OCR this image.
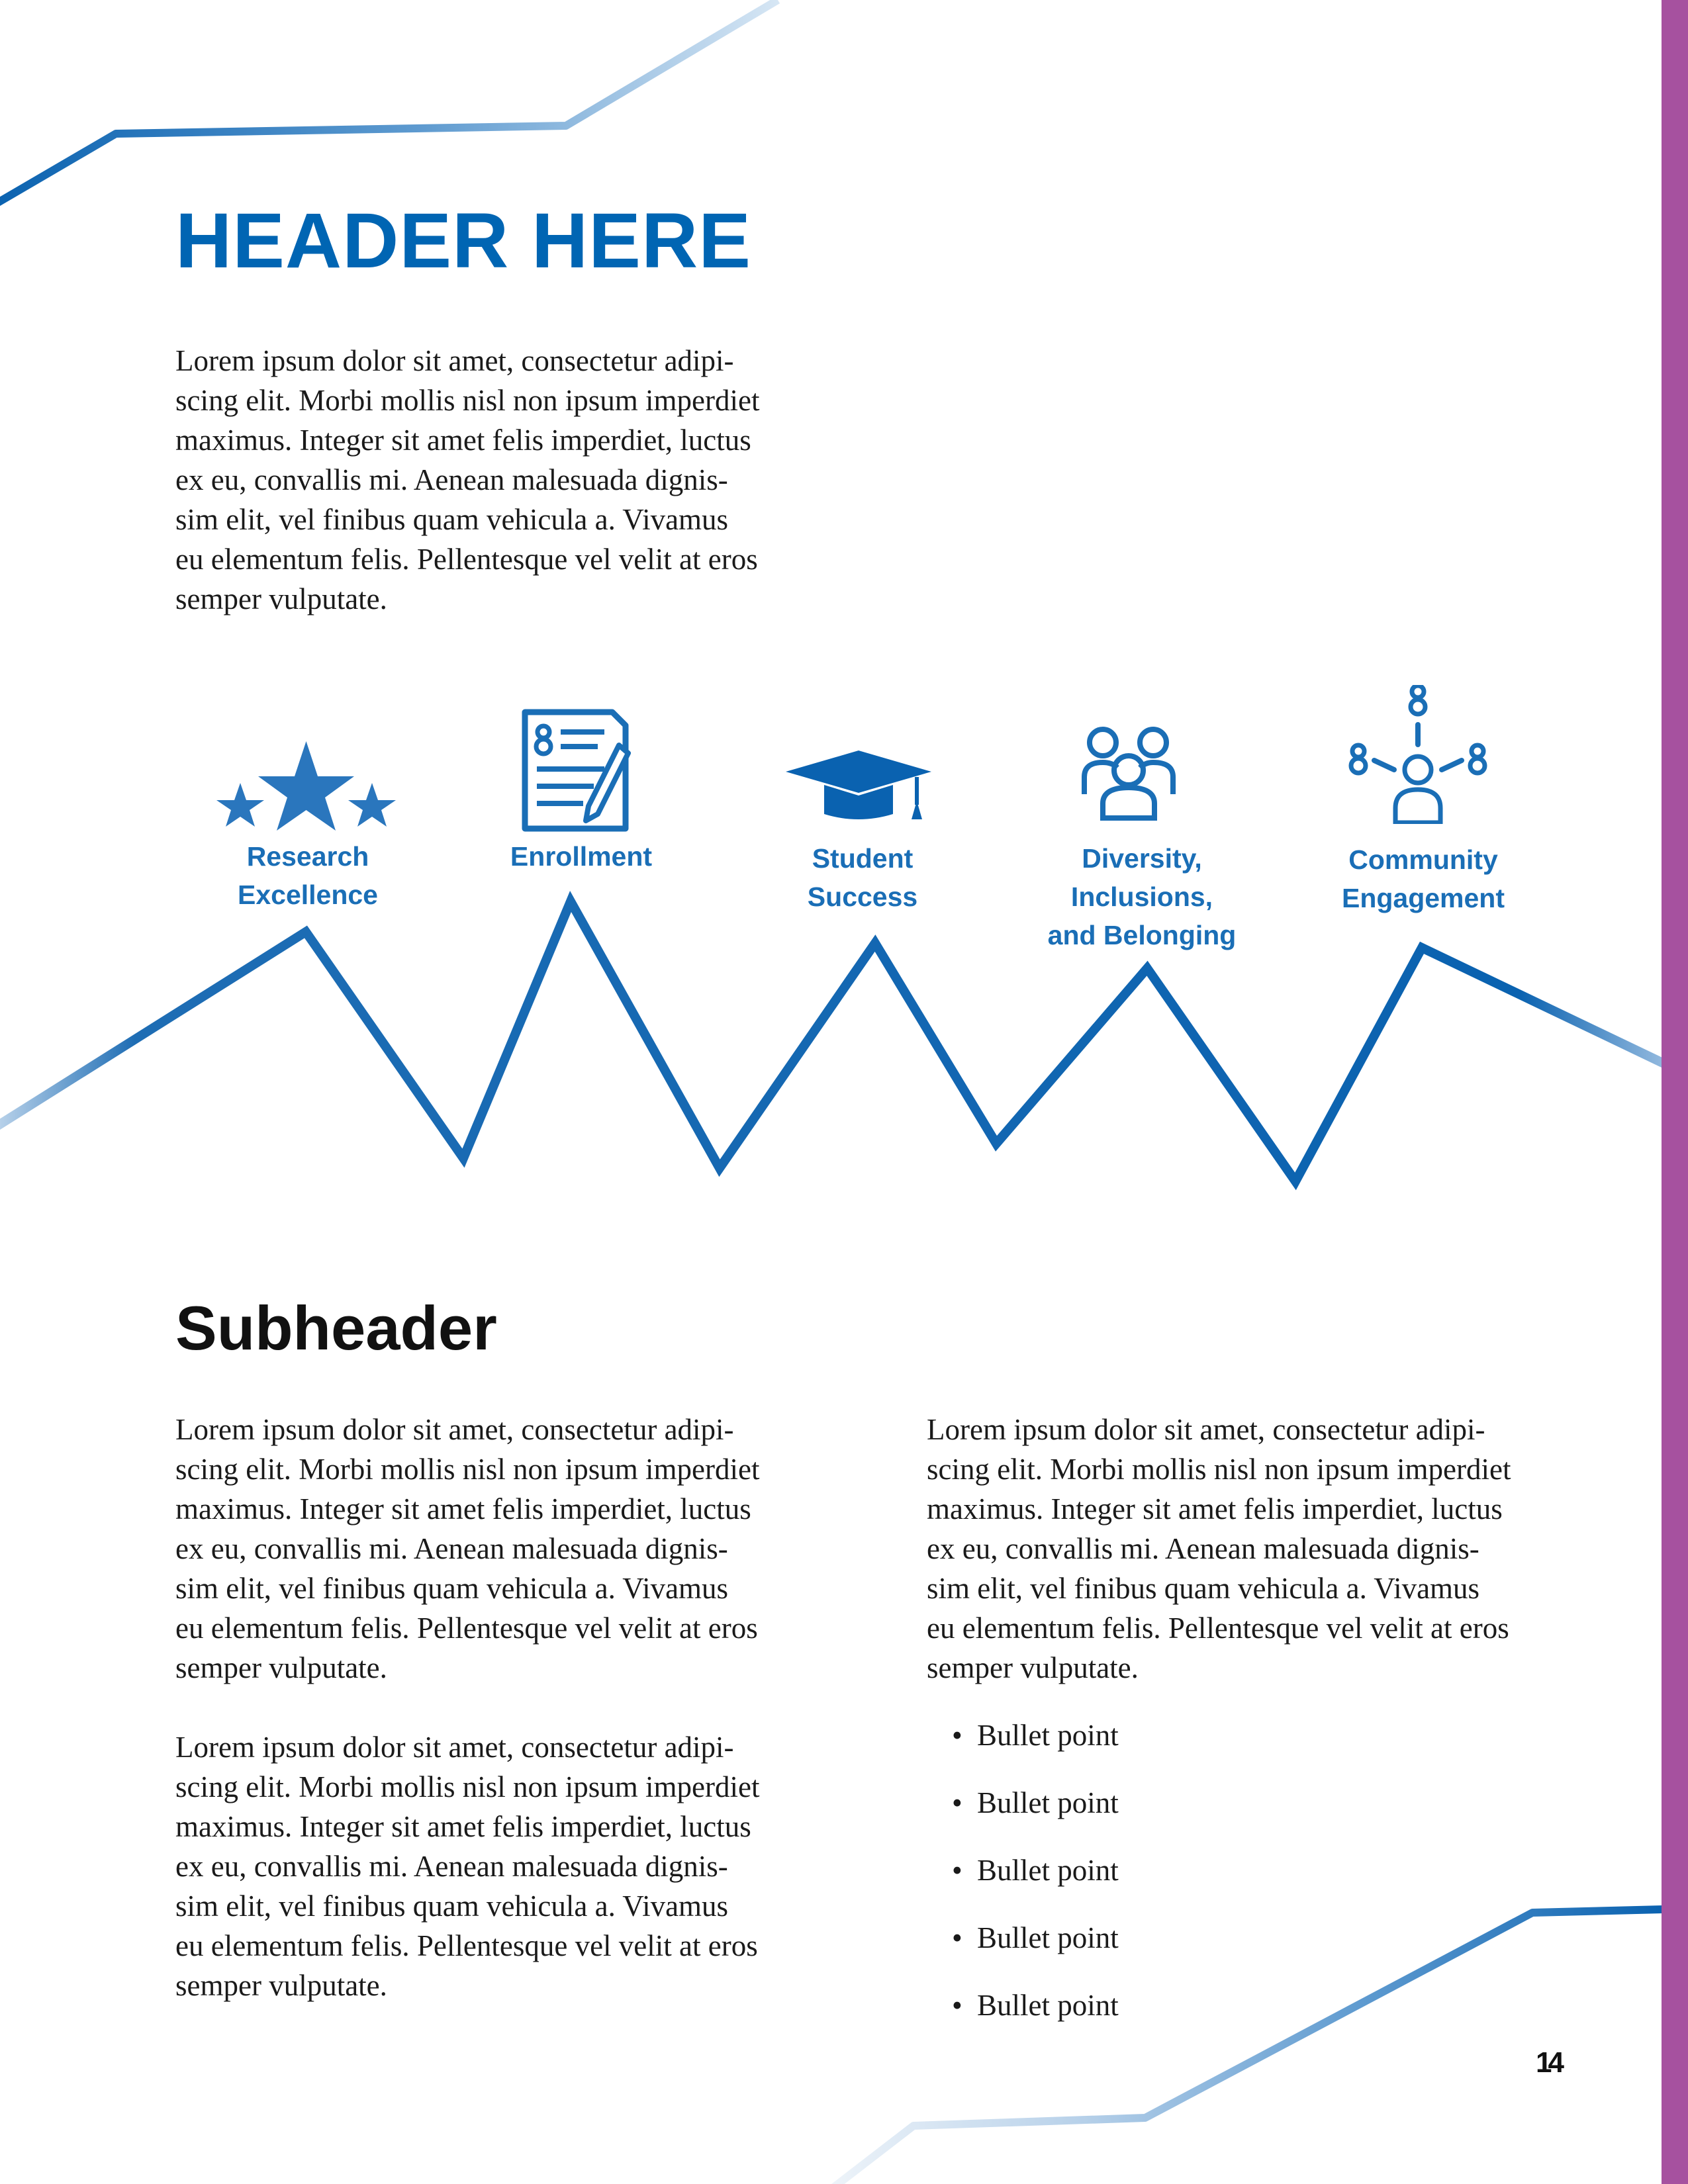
HEADER HERE

Lorem ipsum dolor sit amet, consectetur adipi-
scing elit. Morbi mollis nisl non ipsum imperdiet
maximus. Integer sit amet felis imperdiet, luctus
ex eu, convallis mi. Aenean malesuada dignis-
sim elit, vel finibus quam vehicula a. Vivamus
eu elementum felis. Pellentesque vel velit at eros
semper vulputate.

Research
Excellence

Enrollment	Student
Success

Diversity,
Inclusions,
and Belonging

Community
Engagement

Subheader

Lorem ipsum dolor sit amet, consectetur adipi-
scing elit. Morbi mollis nisl non ipsum imperdiet
maximus. Integer sit amet felis imperdiet, luctus
ex eu, convallis mi. Aenean malesuada dignis-
sim elit, vel finibus quam vehicula a. Vivamus
eu elementum felis. Pellentesque vel velit at eros
semper vulputate.

Lorem ipsum dolor sit amet, consectetur adipi-
scing elit. Morbi mollis nisl non ipsum imperdiet
maximus. Integer sit amet felis imperdiet, luctus
ex eu, convallis mi. Aenean malesuada dignis-
sim elit, vel finibus quam vehicula a. Vivamus
eu elementum felis. Pellentesque vel velit at eros
semper vulputate.

Lorem ipsum dolor sit amet, consectetur adipi-
scing elit. Morbi mollis nisl non ipsum imperdiet
maximus. Integer sit amet felis imperdiet, luctus
ex eu, convallis mi. Aenean malesuada dignis-
sim elit, vel finibus quam vehicula a. Vivamus
eu elementum felis. Pellentesque vel velit at eros
semper vulputate.

• Bullet point
• Bullet point
• Bullet point
• Bullet point
• Bullet point
14
